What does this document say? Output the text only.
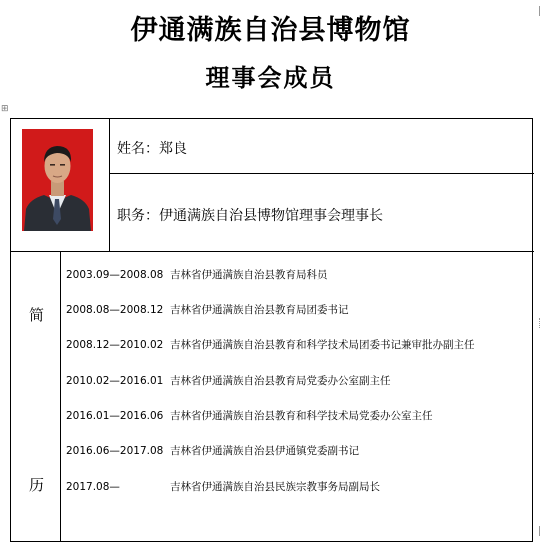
伊通满族自治县博物馆
理事会成员
⊞
姓名：郑良
职务：伊通满族自治县博物馆理事会理事长
简
历
2003.09—2008.08 吉林省伊通满族自治县教育局科员
2008.08—2008.12 吉林省伊通满族自治县教育局团委书记
2008.12—2010.02 吉林省伊通满族自治县教育和科学技术局团委书记兼审批办副主任
2010.02—2016.01 吉林省伊通满族自治县教育局党委办公室副主任
2016.01—2016.06 吉林省伊通满族自治县教育和科学技术局党委办公室主任
2016.06—2017.08 吉林省伊通满族自治县伊通镇党委副书记
2017.08—	吉林省伊通满族自治县民族宗教事务局副局长
